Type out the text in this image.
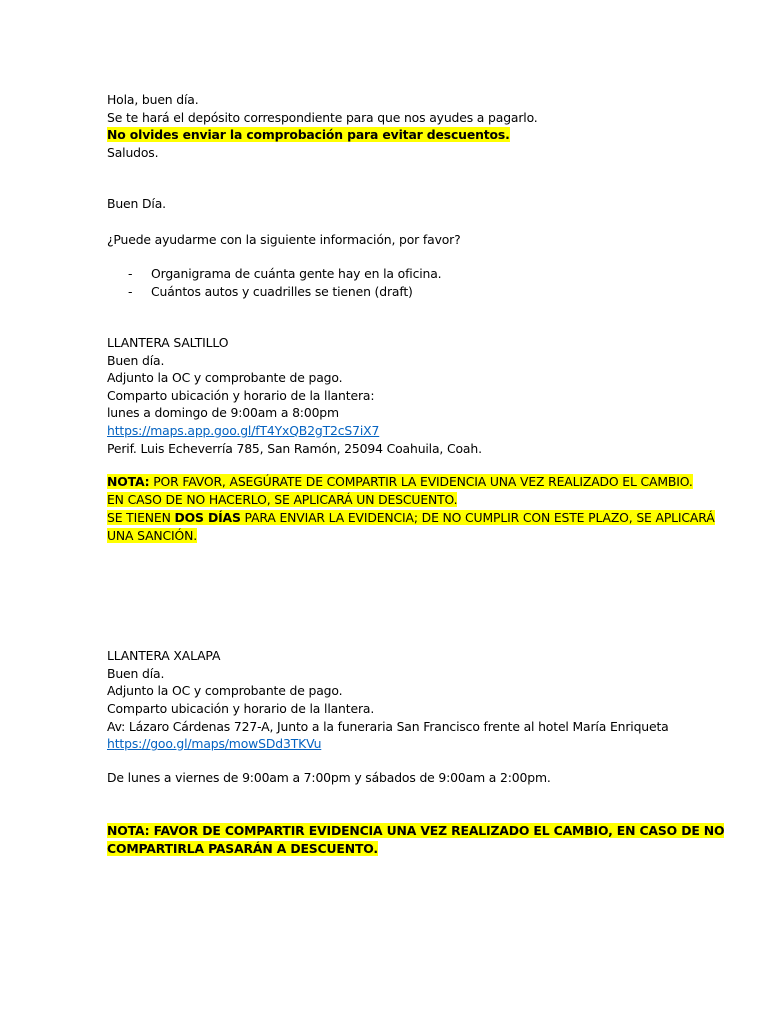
Hola, buen día.
Se te hará el depósito correspondiente para que nos ayudes a pagarlo.
No olvides enviar la comprobación para evitar descuentos.
Saludos.
Buen Día.
¿Puede ayudarme con la siguiente información, por favor?
- Organigrama de cuánta gente hay en la oficina.
- Cuántos autos y cuadrilles se tienen (draft)
LLANTERA SALTILLO
Buen día.
Adjunto la OC y comprobante de pago.
Comparto ubicación y horario de la llantera:
lunes a domingo de 9:00am a 8:00pm
https://maps.app.goo.gl/fT4YxQB2gT2cS7iX7
Perif. Luis Echeverría 785, San Ramón, 25094 Coahuila, Coah.
NOTA: POR FAVOR, ASEGÚRATE DE COMPARTIR LA EVIDENCIA UNA VEZ REALIZADO EL CAMBIO.
EN CASO DE NO HACERLO, SE APLICARÁ UN DESCUENTO.
SE TIENEN DOS DÍAS PARA ENVIAR LA EVIDENCIA; DE NO CUMPLIR CON ESTE PLAZO, SE APLICARÁ
UNA SANCIÓN.
LLANTERA XALAPA
Buen día.
Adjunto la OC y comprobante de pago.
Comparto ubicación y horario de la llantera.
Av: Lázaro Cárdenas 727-A, Junto a la funeraria San Francisco frente al hotel María Enriqueta
https://goo.gl/maps/mowSDd3TKVu
De lunes a viernes de 9:00am a 7:00pm y sábados de 9:00am a 2:00pm.
NOTA: FAVOR DE COMPARTIR EVIDENCIA UNA VEZ REALIZADO EL CAMBIO, EN CASO DE NO
COMPARTIRLA PASARÁN A DESCUENTO.
